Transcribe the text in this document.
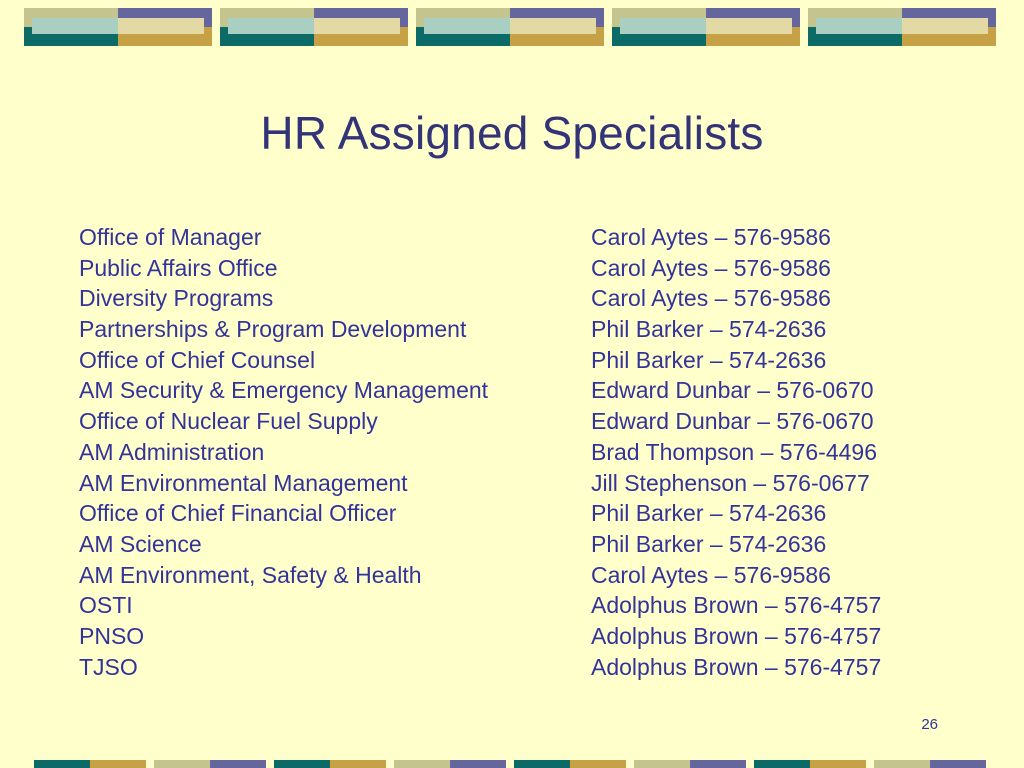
HR Assigned Specialists
Office of Manager	Carol Aytes – 576-9586
Public Affairs Office	Carol Aytes – 576-9586
Diversity Programs	Carol Aytes – 576-9586
Partnerships & Program Development	Phil Barker – 574-2636
Office of Chief Counsel	Phil Barker – 574-2636
AM Security & Emergency Management	Edward Dunbar – 576-0670
Office of Nuclear Fuel Supply	Edward Dunbar – 576-0670
AM Administration	Brad Thompson – 576-4496
AM Environmental Management	Jill Stephenson – 576-0677
Office of Chief Financial Officer	Phil Barker – 574-2636
AM Science	Phil Barker – 574-2636
AM Environment, Safety & Health	Carol Aytes – 576-9586
OSTI	Adolphus Brown – 576-4757
PNSO	Adolphus Brown – 576-4757
TJSO	Adolphus Brown – 576-4757
26
